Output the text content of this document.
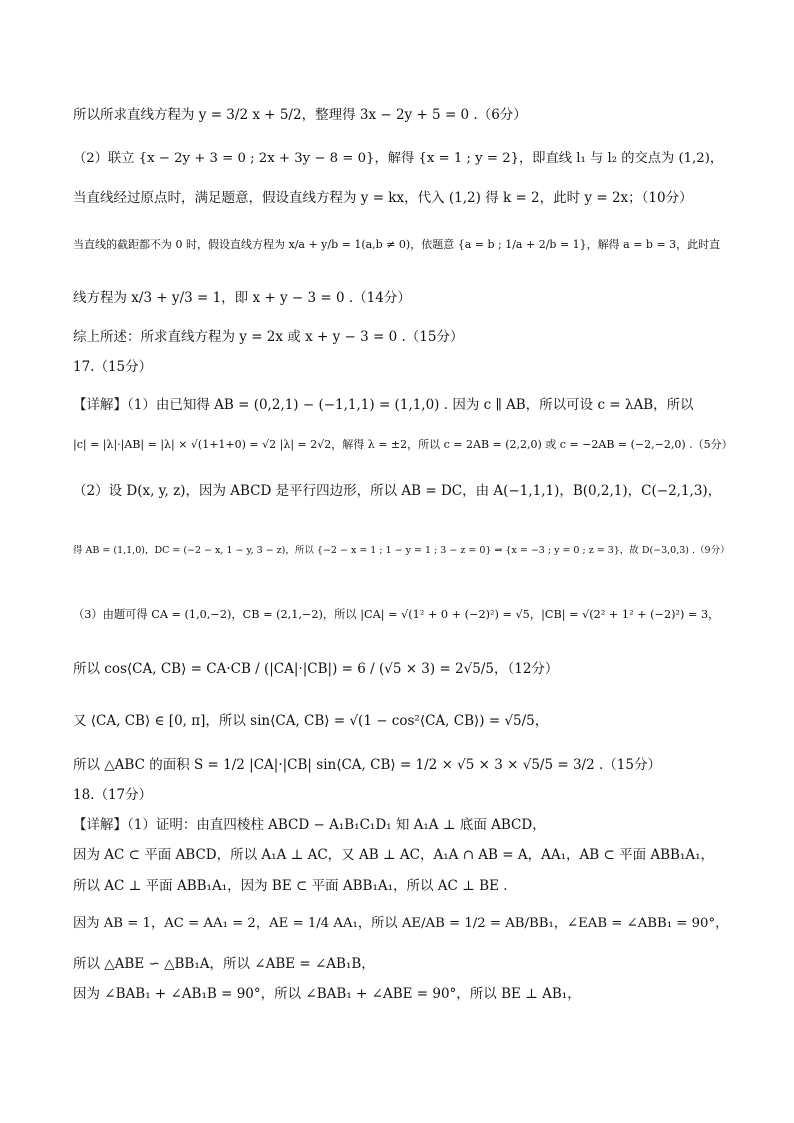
所以所求直线方程为 y = 3/2 x + 5/2，整理得 3x − 2y + 5 = 0 .（6分）
（2）联立 {x − 2y + 3 = 0 ; 2x + 3y − 8 = 0}，解得 {x = 1 ; y = 2}，即直线 l₁ 与 l₂ 的交点为 (1,2)，
当直线经过原点时，满足题意，假设直线方程为 y = kx，代入 (1,2) 得 k = 2，此时 y = 2x；（10分）
当直线的截距都不为 0 时，假设直线方程为 x/a + y/b = 1(a,b ≠ 0)，依题意 {a = b ; 1/a + 2/b = 1}，解得 a = b = 3，此时直
线方程为 x/3 + y/3 = 1，即 x + y − 3 = 0 .（14分）
综上所述：所求直线方程为 y = 2x 或 x + y − 3 = 0 .（15分）
17.（15分）
【详解】（1）由已知得 AB = (0,2,1) − (−1,1,1) = (1,1,0) . 因为 c ∥ AB，所以可设 c = λAB，所以
|c| = |λ|·|AB| = |λ| × √(1+1+0) = √2 |λ| = 2√2，解得 λ = ±2，所以 c = 2AB = (2,2,0) 或 c = −2AB = (−2,−2,0) .（5分）
（2）设 D(x, y, z)，因为 ABCD 是平行四边形，所以 AB = DC，由 A(−1,1,1)，B(0,2,1)，C(−2,1,3)，
得 AB = (1,1,0)，DC = (−2 − x, 1 − y, 3 − z)，所以 {−2 − x = 1 ; 1 − y = 1 ; 3 − z = 0} ⇒ {x = −3 ; y = 0 ; z = 3}，故 D(−3,0,3) .（9分）
（3）由题可得 CA = (1,0,−2)，CB = (2,1,−2)，所以 |CA| = √(1² + 0 + (−2)²) = √5，|CB| = √(2² + 1² + (−2)²) = 3，
所以 cos⟨CA, CB⟩ = CA·CB / (|CA|·|CB|) = 6 / (√5 × 3) = 2√5/5，（12分）
又 ⟨CA, CB⟩ ∈ [0, π]，所以 sin⟨CA, CB⟩ = √(1 − cos²⟨CA, CB⟩) = √5/5，
所以 △ABC 的面积 S = 1/2 |CA|·|CB| sin⟨CA, CB⟩ = 1/2 × √5 × 3 × √5/5 = 3/2 .（15分）
18.（17分）
【详解】（1）证明：由直四棱柱 ABCD − A₁B₁C₁D₁ 知 A₁A ⊥ 底面 ABCD，
因为 AC ⊂ 平面 ABCD，所以 A₁A ⊥ AC，又 AB ⊥ AC，A₁A ∩ AB = A，AA₁，AB ⊂ 平面 ABB₁A₁，
所以 AC ⊥ 平面 ABB₁A₁，因为 BE ⊂ 平面 ABB₁A₁，所以 AC ⊥ BE .
因为 AB = 1，AC = AA₁ = 2，AE = 1/4 AA₁，所以 AE/AB = 1/2 = AB/BB₁，∠EAB = ∠ABB₁ = 90°，
所以 △ABE ∽ △BB₁A，所以 ∠ABE = ∠AB₁B，
因为 ∠BAB₁ + ∠AB₁B = 90°，所以 ∠BAB₁ + ∠ABE = 90°，所以 BE ⊥ AB₁，
